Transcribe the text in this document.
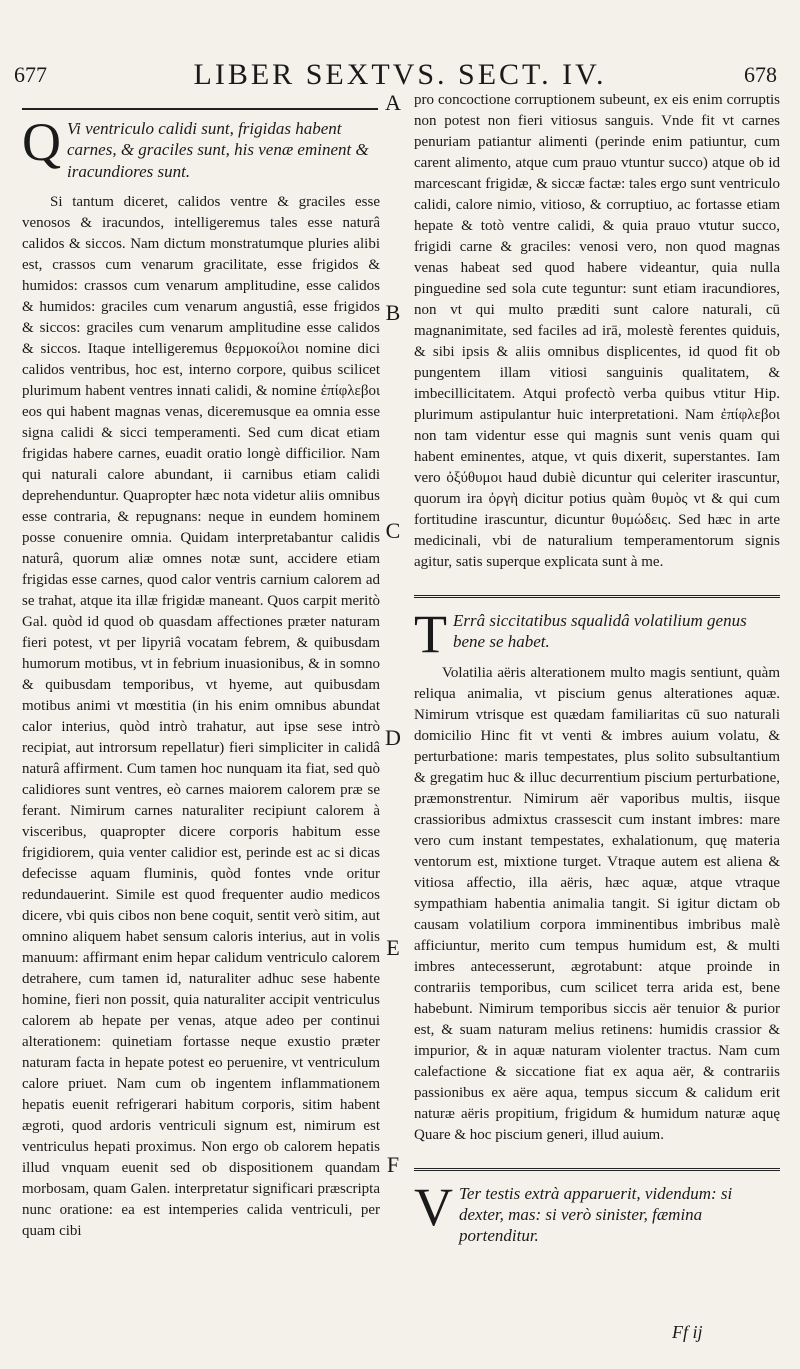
677	LIBER SEXTVS. SECT. IV.	678
A
B
C
D
E
F

Q Vi ventriculo calidi sunt, frigidas habent carnes, & graciles sunt, his venæ eminent & iracundiores sunt.

Si tantum diceret, calidos ventre & graciles esse venosos & iracundos, intelligeremus tales esse naturâ calidos & siccos. Nam dictum monstratumque pluries alibi est, crassos cum venarum gracilitate, esse frigidos & humidos: crassos cum venarum amplitudine, esse calidos & humidos: graciles cum venarum angustiâ, esse frigidos & siccos: graciles cum venarum amplitudine esse calidos & siccos. Itaque intelligeremus θερμοκοίλοι nomine dici calidos ventribus, hoc est, interno corpore, quibus scilicet plurimum habent ventres innati calidi, & nomine ἐπίφλεβοι eos qui habent magnas venas, diceremusque ea omnia esse signa calidi & sicci temperamenti. Sed cum dicat etiam frigidas habere carnes, euadit oratio longè difficilior. Nam qui naturali calore abundant, ii carnibus etiam calidi deprehenduntur. Quapropter hæc nota videtur aliis omnibus esse contraria, & repugnans: neque in eundem hominem posse conuenire omnia. Quidam interpretabantur calidis naturâ, quorum aliæ omnes notæ sunt, accidere etiam frigidas esse carnes, quod calor ventris carnium calorem ad se trahat, atque ita illæ frigidæ maneant. Quos carpit meritò Gal. quòd id quod ob quasdam affectiones præter naturam fieri potest, vt per lipyriâ vocatam febrem, & quibusdam humorum motibus, vt in febrium inuasionibus, & in somno & quibusdam temporibus, vt hyeme, aut quibusdam motibus animi vt mœstitia (in his enim omnibus abundat calor interius, quòd intrò trahatur, aut ipse sese intrò recipiat, aut introrsum repellatur) fieri simpliciter in calidâ naturâ affirment. Cum tamen hoc nunquam ita fiat, sed quò calidiores sunt ventres, eò carnes maiorem calorem præ se ferant. Nimirum carnes naturaliter recipiunt calorem à visceribus, quapropter dicere corporis habitum esse frigidiorem, quia venter calidior est, perinde est ac si dicas defecisse aquam fluminis, quòd fontes vnde oritur redundauerint. Simile est quod frequenter audio medicos dicere, vbi quis cibos non bene coquit, sentit verò sitim, aut omnino aliquem habet sensum caloris interius, aut in volis manuum: affirmant enim hepar calidum ventriculo calorem detrahere, cum tamen id, naturaliter adhuc sese habente homine, fieri non possit, quia naturaliter accipit ventriculus calorem ab hepate per venas, atque adeo per continui alterationem: quinetiam fortasse neque exustio præter naturam facta in hepate potest eo peruenire, vt ventriculum calore priuet. Nam cum ob ingentem inflammationem hepatis euenit refrigerari habitum corporis, sitim habent ægroti, quod ardoris ventriculi signum est, nimirum est ventriculus hepati proximus. Non ergo ob calorem hepatis illud vnquam euenit sed ob dispositionem quandam morbosam, quam Galen. interpretatur significari præscripta nunc oratione: ea est intemperies calida ventriculi, per quam cibi

pro concoctione corruptionem subeunt, ex eis enim corruptis non potest non fieri vitiosus sanguis. Vnde fit vt carnes penuriam patiantur alimenti (perinde enim patiuntur, cum carent alimento, atque cum prauo vtuntur succo) atque ob id marcescant frigidæ, & siccæ factæ: tales ergo sunt ventriculo calidi, calore nimio, vitioso, & corruptiuo, ac fortasse etiam hepate & totò ventre calidi, & quia prauo vtutur succo, frigidi carne & graciles: venosi vero, non quod magnas venas habeat sed quod habere videantur, quia nulla pinguedine sed sola cute teguntur: sunt etiam iracundiores, non vt qui multo præditi sunt calore naturali, cū magnanimitate, sed faciles ad irā, molestè ferentes quiduis, & sibi ipsis & aliis omnibus displicentes, id quod fit ob pungentem illam vitiosi sanguinis qualitatem, & imbecillicitatem. Atqui profectò verba quibus vtitur Hip. plurimum astipulantur huic interpretationi. Nam ἐπίφλεβοι non tam videntur esse qui magnis sunt venis quam qui habent eminentes, atque, vt quis dixerit, superstantes. Iam vero ὀξύθυμοι haud dubiè dicuntur qui celeriter irascuntur, quorum ira ὀργὴ dicitur potius quàm θυμὸς vt & qui cum fortitudine irascuntur, dicuntur θυμώδεις. Sed hæc in arte medicinali, vbi de naturalium temperamentorum signis agitur, satis superque explicata sunt à me.

T Errâ siccitatibus squalidâ volatilium genus bene se habet.

Volatilia aëris alterationem multo magis sentiunt, quàm reliqua animalia, vt piscium genus alterationes aquæ. Nimirum vtrisque est quædam familiaritas cū suo naturali domicilio Hinc fit vt venti & imbres auium volatu, & perturbatione: maris tempestates, plus solito subsultantium & gregatim huc & illuc decurrentium piscium perturbatione, præmonstrentur. Nimirum aër vaporibus multis, iisque crassioribus admixtus crassescit cum instant imbres: mare vero cum instant tempestates, exhalationum, quę materia ventorum est, mixtione turget. Vtraque autem est aliena & vitiosa affectio, illa aëris, hæc aquæ, atque vtraque sympathiam habentia animalia tangit. Si igitur dictam ob causam volatilium corpora imminentibus imbribus malè afficiuntur, merito cum tempus humidum est, & multi imbres antecesserunt, ægrotabunt: atque proinde in contrariis temporibus, cum scilicet terra arida est, bene habebunt. Nimirum temporibus siccis aër tenuior & purior est, & suam naturam melius retinens: humidis crassior & impurior, & in aquæ naturam violenter tractus. Nam cum calefactione & siccatione fiat ex aqua aër, & contrariis passionibus ex aëre aqua, tempus siccum & calidum erit naturæ aëris propitium, frigidum & humidum naturæ aquę Quare & hoc piscium generi, illud auium.

V Ter testis extrà apparuerit, videndum: si dexter, mas: si verò sinister, fæmina portenditur.

Ff ij
